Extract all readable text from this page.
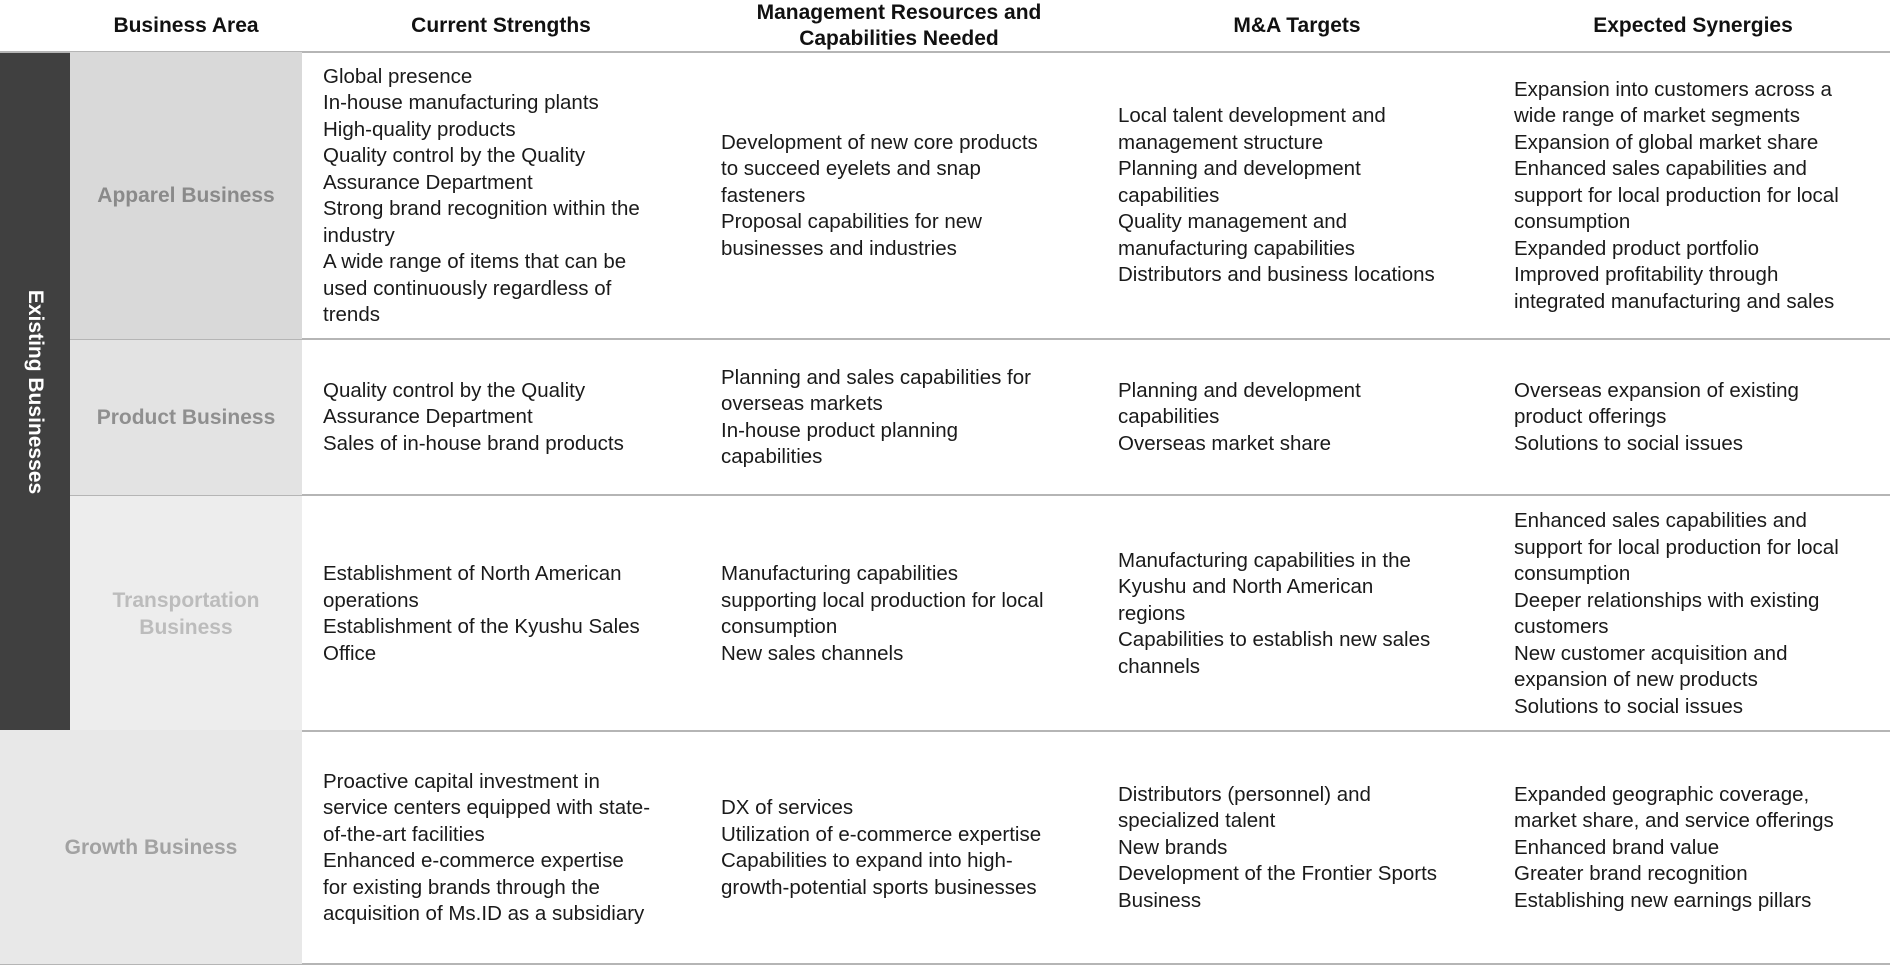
Business Area	Current Strengths
Management Resources and
Capabilities Needed
M&A Targets	Expected Synergies
Existing Businesses
Apparel Business
Product Business
Transportation
Business
Growth Business
Global presence
In-house manufacturing plants
High-quality products
Quality control by the Quality
Assurance Department
Strong brand recognition within the
industry
A wide range of items that can be
used continuously regardless of
trends
Development of new core products
to succeed eyelets and snap
fasteners
Proposal capabilities for new
businesses and industries
Local talent development and
management structure
Planning and development
capabilities
Quality management and
manufacturing capabilities
Distributors and business locations
Expansion into customers across a
wide range of market segments
Expansion of global market share
Enhanced sales capabilities and
support for local production for local
consumption
Expanded product portfolio
Improved profitability through
integrated manufacturing and sales
Quality control by the Quality
Assurance Department
Sales of in-house brand products
Planning and sales capabilities for
overseas markets
In-house product planning
capabilities
Planning and development
capabilities
Overseas market share
Overseas expansion of existing
product offerings
Solutions to social issues
Establishment of North American
operations
Establishment of the Kyushu Sales
Office
Manufacturing capabilities
supporting local production for local
consumption
New sales channels
Manufacturing capabilities in the
Kyushu and North American
regions
Capabilities to establish new sales
channels
Enhanced sales capabilities and
support for local production for local
consumption
Deeper relationships with existing
customers
New customer acquisition and
expansion of new products
Solutions to social issues
Proactive capital investment in
service centers equipped with state-
of-the-art facilities
Enhanced e-commerce expertise
for existing brands through the
acquisition of Ms.ID as a subsidiary
DX of services
Utilization of e-commerce expertise
Capabilities to expand into high-
growth-potential sports businesses
Distributors (personnel) and
specialized talent
New brands
Development of the Frontier Sports
Business
Expanded geographic coverage,
market share, and service offerings
Enhanced brand value
Greater brand recognition
Establishing new earnings pillars
